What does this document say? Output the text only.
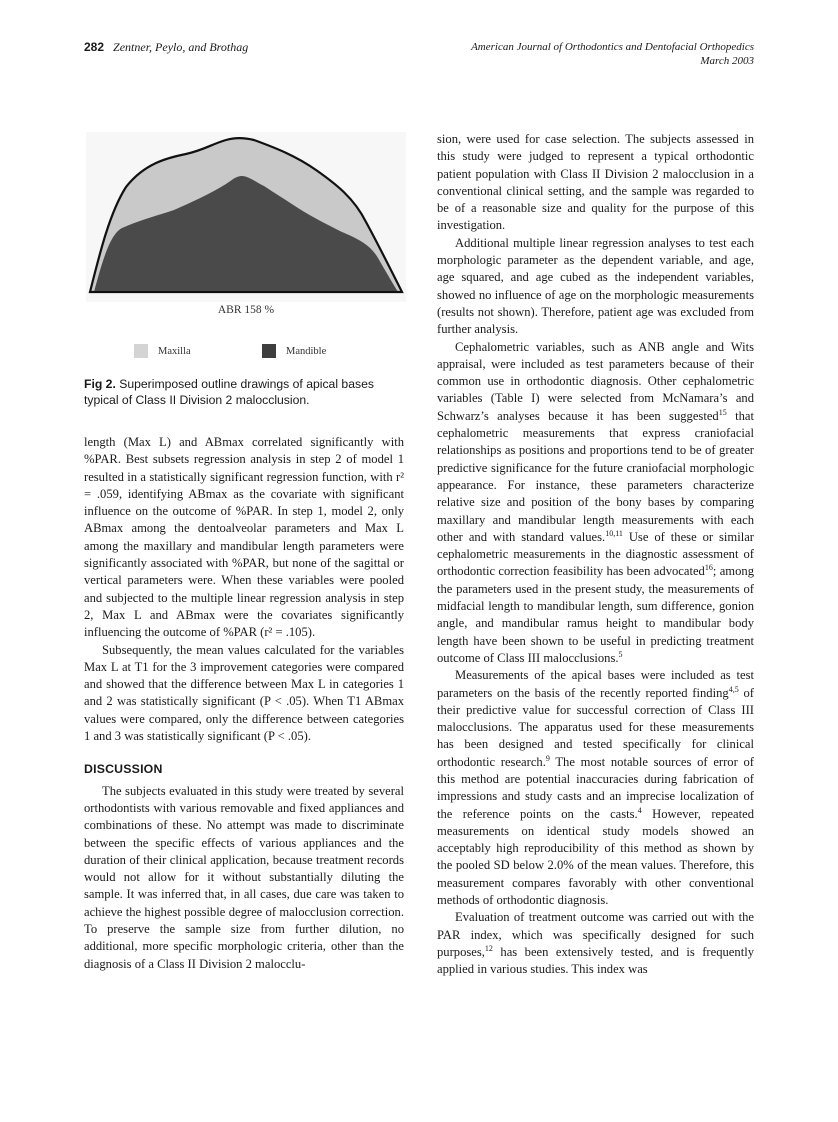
282 Zentner, Peylo, and Brothag	American Journal of Orthodontics and Dentofacial Orthopedics
March 2003
ABR 158 %
Maxilla	Mandible
Fig 2. Superimposed outline drawings of apical bases typical of Class II Division 2 malocclusion.

length (Max L) and ABmax correlated significantly with %PAR. Best subsets regression analysis in step 2 of model 1 resulted in a statistically significant regression function, with r² = .059, identifying ABmax as the covariate with significant influence on the outcome of %PAR. In step 1, model 2, only ABmax among the dentoalveolar parameters and Max L among the maxillary and mandibular length parameters were significantly associated with %PAR, but none of the sagittal or vertical parameters were. When these variables were pooled and subjected to the multiple linear regression analysis in step 2, Max L and ABmax were the covariates significantly influencing the outcome of %PAR (r² = .105).

Subsequently, the mean values calculated for the variables Max L at T1 for the 3 improvement categories were compared and showed that the difference between Max L in categories 1 and 2 was statistically significant (P < .05). When T1 ABmax values were compared, only the difference between categories 1 and 3 was statistically significant (P < .05).

DISCUSSION

The subjects evaluated in this study were treated by several orthodontists with various removable and fixed appliances and combinations of these. No attempt was made to discriminate between the specific effects of various appliances and the duration of their clinical application, because treatment records would not allow for it without substantially diluting the sample. It was inferred that, in all cases, due care was taken to achieve the highest possible degree of malocclusion correction. To preserve the sample size from further dilution, no additional, more specific morphologic criteria, other than the diagnosis of a Class II Division 2 malocclu-

sion, were used for case selection. The subjects assessed in this study were judged to represent a typical orthodontic patient population with Class II Division 2 malocclusion in a conventional clinical setting, and the sample was regarded to be of a reasonable size and quality for the purpose of this investigation.

Additional multiple linear regression analyses to test each morphologic parameter as the dependent variable, and age, age squared, and age cubed as the independent variables, showed no influence of age on the morphologic measurements (results not shown). Therefore, patient age was excluded from further analysis.

Cephalometric variables, such as ANB angle and Wits appraisal, were included as test parameters because of their common use in orthodontic diagnosis. Other cephalometric variables (Table I) were selected from McNamara’s and Schwarz’s analyses because it has been suggested$^{15}$ that cephalometric measurements that express craniofacial relationships as positions and proportions tend to be of greater predictive significance for the future craniofacial morphologic appearance. For instance, these parameters characterize relative size and position of the bony bases by comparing maxillary and mandibular length measurements with each other and with standard values.$^{10,11}$ Use of these or similar cephalometric measurements in the diagnostic assessment of orthodontic correction feasibility has been advocated$^{16}$; among the parameters used in the present study, the measurements of midfacial length to mandibular length, sum difference, gonion angle, and mandibular ramus height to mandibular body length have been shown to be useful in predicting treatment outcome of Class III malocclusions.$^5$

Measurements of the apical bases were included as test parameters on the basis of the recently reported finding$^{4,5}$ of their predictive value for successful correction of Class III malocclusions. The apparatus used for these measurements has been designed and tested specifically for clinical orthodontic research.$^9$ The most notable sources of error of this method are potential inaccuracies during fabrication of impressions and study casts and an imprecise localization of the reference points on the casts.$^4$ However, repeated measurements on identical study models showed an acceptably high reproducibility of this method as shown by the pooled SD below 2.0% of the mean values. Therefore, this measurement compares favorably with other conventional methods of orthodontic diagnosis.

Evaluation of treatment outcome was carried out with the PAR index, which was specifically designed for such purposes,$^{12}$ has been extensively tested, and is frequently applied in various studies. This index was
